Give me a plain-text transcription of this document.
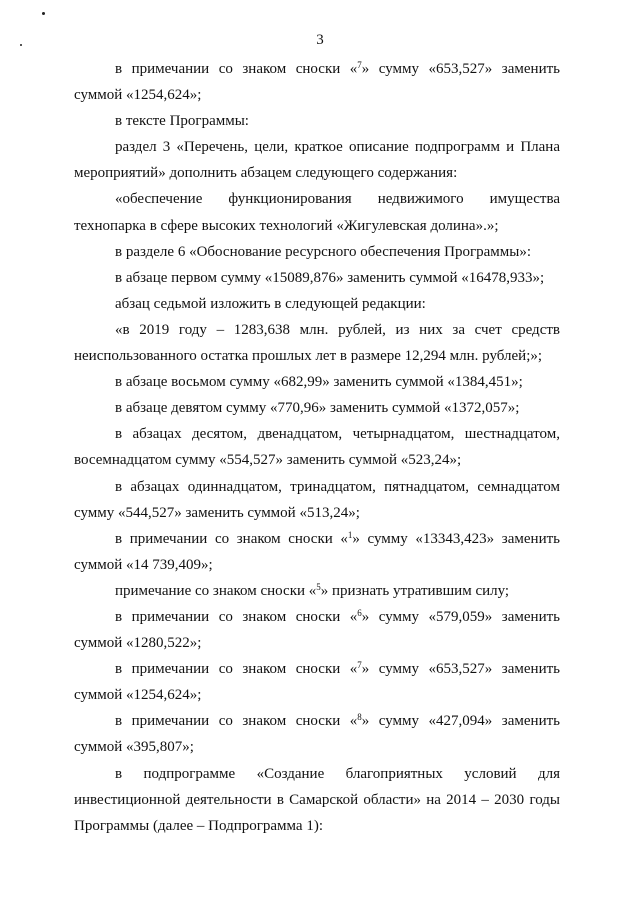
3

в примечании со знаком сноски «$^7$» сумму «653,527» заменить суммой «1254,624»;

в тексте Программы:

раздел 3 «Перечень, цели, краткое описание подпрограмм и Плана мероприятий» дополнить абзацем следующего содержания:

«обеспечение функционирования недвижимого имущества технопарка в сфере высоких технологий «Жигулевская долина».»;

в разделе 6 «Обоснование ресурсного обеспечения Программы»:

в абзаце первом сумму «15089,876» заменить суммой «16478,933»;

абзац седьмой изложить в следующей редакции:

«в 2019 году – 1283,638 млн. рублей, из них за счет средств неиспользованного остатка прошлых лет в размере 12,294 млн. рублей;»;

в абзаце восьмом сумму «682,99» заменить суммой «1384,451»;

в абзаце девятом сумму «770,96» заменить суммой «1372,057»;

в абзацах десятом, двенадцатом, четырнадцатом, шестнадцатом, восемнадцатом сумму «554,527» заменить суммой «523,24»;

в абзацах одиннадцатом, тринадцатом, пятнадцатом, семнадцатом сумму «544,527» заменить суммой «513,24»;

в примечании со знаком сноски «$^1$» сумму «13343,423» заменить суммой «14 739,409»;

примечание со знаком сноски «$^5$» признать утратившим силу;

в примечании со знаком сноски «$^6$» сумму «579,059» заменить суммой «1280,522»;

в примечании со знаком сноски «$^7$» сумму «653,527» заменить суммой «1254,624»;

в примечании со знаком сноски «$^8$» сумму «427,094» заменить суммой «395,807»;

в подпрограмме «Создание благоприятных условий для инвестиционной деятельности в Самарской области» на 2014 – 2030 годы Программы (далее – Подпрограмма 1):
